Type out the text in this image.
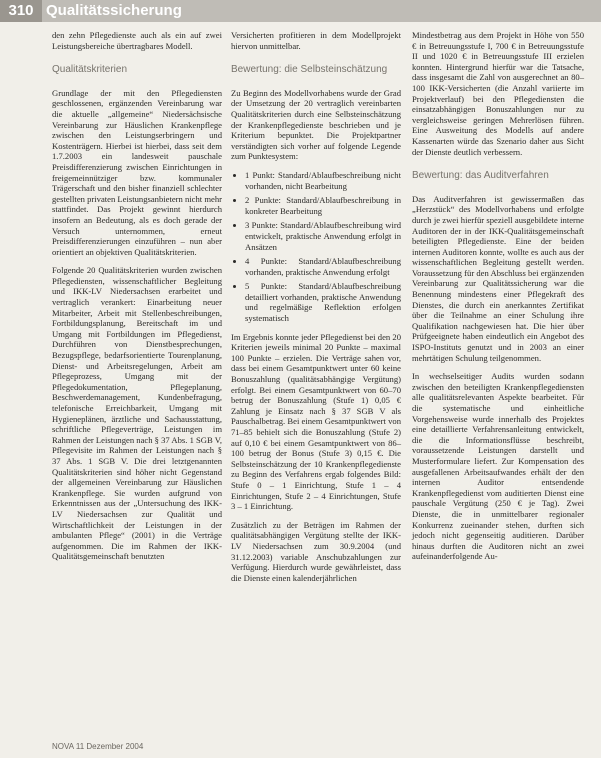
310 Qualitätssicherung

den zehn Pflegedienste auch als ein auf zwei Leistungsbereiche übertragbares Modell.

Qualitätskriterien

Grundlage der mit den Pflegediensten geschlossenen, ergänzenden Vereinbarung war die aktuelle „allgemeine“ Niedersächsische Vereinbarung zur Häuslichen Krankenpflege zwischen den Leistungserbringern und Kostenträgern. Hierbei ist hierbei, dass seit dem 1.7.2003 ein landesweit pauschale Preisdifferenzierung zwischen Einrichtungen in freigemeinnütziger bzw. kommunaler Trägerschaft und den bisher finanziell schlechter gestellten privaten Leistungsanbietern nicht mehr stattfindet. Das Projekt gewinnt hierdurch insofern an Bedeutung, als es doch gerade der Versuch unternommen, erneut Preisdifferenzierungen einzuführen – nun aber orientiert an objektiven Qualitätskriterien.

Folgende 20 Qualitätskriterien wurden zwischen Pflegediensten, wissenschaftlicher Begleitung und IKK-LV Niedersachsen erarbeitet und vertraglich verankert: Einarbeitung neuer Mitarbeiter, Arbeit mit Stellenbeschreibungen, Fortbildungsplanung, Bereitschaft im und Umgang mit Fortbildungen im Pflegedienst, Durchführen von Dienstbesprechungen, Bezugspflege, bedarfsorientierte Tourenplanung, Dienst- und Arbeitsregelungen, Arbeit am Pflegeprozess, Umgang mit der Pflegedokumentation, Pflegeplanung, Beschwerdemanagement, Kundenbefragung, telefonische Erreichbarkeit, Umgang mit Hygieneplänen, ärztliche und Sachausstattung, schriftliche Pflegeverträge, Leistungen im Rahmen der Leistungen nach § 37 Abs. 1 SGB V, Pflegevisite im Rahmen der Leistungen nach § 37 Abs. 1 SGB V. Die drei letztgenannten Qualitätskriterien sind höher nicht Gegenstand der allgemeinen Vereinbarung zur Häuslichen Krankenpflege. Sie wurden aufgrund von Erkenntnissen aus der „Untersuchung des IKK-LV Niedersachsen zur Qualität und Wirtschaftlichkeit der Leistungen in der ambulanten Pflege“ (2001) in die Verträge aufgenommen. Die im Rahmen der IKK-Qualitätsgemeinschaft benutzten

Versicherten profitieren in dem Modellprojekt hiervon unmittelbar.

Bewertung: die Selbsteinschätzung

Zu Beginn des Modellvorhabens wurde der Grad der Umsetzung der 20 vertraglich vereinbarten Qualitätskriterien durch eine Selbsteinschätzung der Krankenpflegedienste beschrieben und je Kriterium bepunktet. Die Projektpartner verständigten sich vorher auf folgende Legende zum Punktesystem:

• 1 Punkt: Standard/Ablaufbeschreibung nicht vorhanden, nicht Bearbeitung
• 2 Punkte: Standard/Ablaufbeschreibung in konkreter Bearbeitung
• 3 Punkte: Standard/Ablaufbeschreibung wird entwickelt, praktische Anwendung erfolgt in Ansätzen
• 4 Punkte: Standard/Ablaufbeschreibung vorhanden, praktische Anwendung erfolgt
• 5 Punkte: Standard/Ablaufbeschreibung detailliert vorhanden, praktische Anwendung und regelmäßige Reflektion erfolgen systematisch

Im Ergebnis konnte jeder Pflegedienst bei den 20 Kriterien jeweils minimal 20 Punkte – maximal 100 Punkte – erzielen. Die Verträge sahen vor, dass bei einem Gesamtpunktwert unter 60 keine Bonuszahlung (qualitätsabhängige Vergütung) erfolgt. Bei einem Gesamtpunktwert von 60–70 betrug der Bonuszahlung (Stufe 1) 0,05 € Zahlung je Einsatz nach § 37 SGB V als Pauschalbetrag. Bei einem Gesamtpunktwert von 71–85 behielt sich die Bonuszahlung (Stufe 2) auf 0,10 € bei einem Gesamtpunktwert von 86–100 betrug der Bonus (Stufe 3) 0,15 €. Die Selbsteinschätzung der 10 Krankenpflegedienste zu Beginn des Verfahrens ergab folgendes Bild: Stufe 0 – 1 Einrichtung, Stufe 1 – 4 Einrichtungen, Stufe 2 – 4 Einrichtungen, Stufe 3 – 1 Einrichtung.

Zusätzlich zu der Beträgen im Rahmen der qualitätsabhängigen Vergütung stellte der IKK-LV Niedersachsen zum 30.9.2004 (und 31.12.2003) variable Anschubzahlungen zur Verfügung. Hierdurch wurde gewährleistet, dass die Dienste einen kalenderjährlichen

Mindestbetrag aus dem Projekt in Höhe von 550 € in Betreuungsstufe I, 700 € in Betreuungsstufe II und 1020 € in Betreuungsstufe III erzielen konnten. Hintergrund hierfür war die Tatsache, dass insgesamt die Zahl von ausgerechnet an 80–100 IKK-Versicherten (die Anzahl variierte im Projektverlauf) bei den Pflegediensten die einsatzabhängigen Bonuszahlungen nur zu vergleichsweise geringen Mehrerlösen führen. Eine Ausweitung des Modells auf andere Kassenarten würde das Szenario daher aus Sicht der Dienste deutlich verbessern.

Bewertung: das Auditverfahren

Das Auditverfahren ist gewissermaßen das „Herzstück“ des Modellvorhabens und erfolgte durch je zwei hierfür speziell ausgebildete interne Auditoren der in der IKK-Qualitätsgemeinschaft beteiligten Pflegedienste. Eine der beiden internen Auditoren konnte, wollte es auch aus der wissenschaftlichen Begleitung gestellt werden. Voraussetzung für den Abschluss bei ergänzenden Vereinbarung zur Qualitätssicherung war die Benennung mindestens einer Pflegekraft des Dienstes, die durch ein anerkanntes Zertifikat über die Teilnahme an einer Schulung ihre Qualifikation nachgewiesen hat. Die hier über Prüfgeeignete haben eindeutlich ein Angebot des ISPO-Instituts genutzt und in 2003 an einer mehrtätigen Schulung teilgenommen.

In wechselseitiger Audits wurden sodann zwischen den beteiligten Krankenpflegediensten alle qualitätsrelevanten Aspekte bearbeitet. Für die systematische und einheitliche Vorgehensweise wurde innerhalb des Projektes eine detaillierte Verfahrensanleitung entwickelt, die die Informationsflüsse beschreibt, voraussetzende Leistungen darstellt und Musterformulare liefert. Zur Kompensation des ausgefallenen Arbeitsaufwandes erhält der den internen Auditor entsendende Krankenpflegedienst vom auditierten Dienst eine pauschale Vergütung (250 € je Tag). Zwei Dienste, die in unmittelbarer regionaler Konkurrenz zueinander stehen, durften sich jedoch nicht gegenseitig auditieren. Darüber hinaus durften die Auditoren nicht an zwei aufeinanderfolgende Au-

NOVA 11 Dezember 2004
